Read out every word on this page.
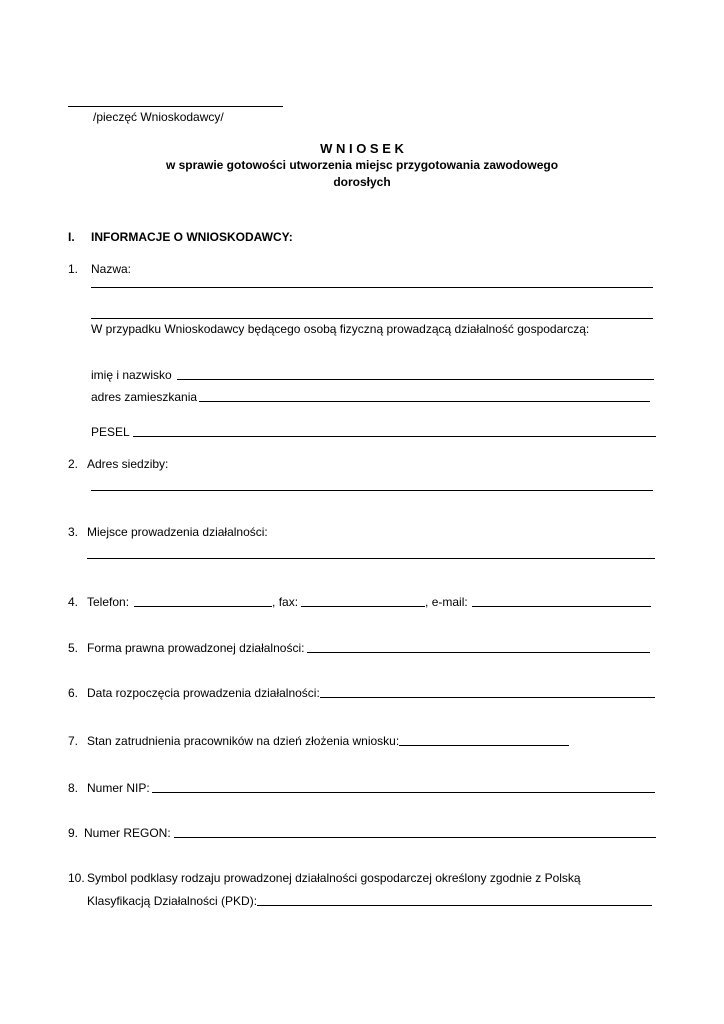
/pieczęć Wnioskodawcy/
W N I O S E K
w sprawie gotowości utworzenia miejsc przygotowania zawodowego
dorosłych
I. INFORMACJE O WNIOSKODAWCY:
1. Nazwa:
W przypadku Wnioskodawcy będącego osobą fizyczną prowadzącą działalność gospodarczą:
imię i nazwisko
adres zamieszkania
PESEL
2. Adres siedziby:
3. Miejsce prowadzenia działalności:
4. Telefon:	, fax:	, e-mail:
5. Forma prawna prowadzonej działalności:
6. Data rozpoczęcia prowadzenia działalności:
7. Stan zatrudnienia pracowników na dzień złożenia wniosku:
8. Numer NIP:
9. Numer REGON:
10. Symbol podklasy rodzaju prowadzonej działalności gospodarczej określony zgodnie z Polską
Klasyfikacją Działalności (PKD):
